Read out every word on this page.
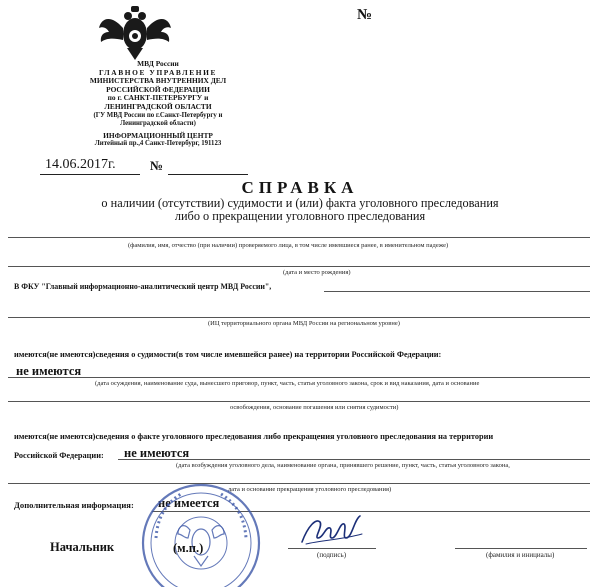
МВД России
ГЛАВНОЕ УПРАВЛЕНИЕ
МИНИСТЕРСТВА ВНУТРЕННИХ ДЕЛ
РОССИЙСКОЙ ФЕДЕРАЦИИ
по г. САНКТ-ПЕТЕРБУРГУ и
ЛЕНИНГРАДСКОЙ ОБЛАСТИ
(ГУ МВД России по г.Санкт-Петербургу и
Ленинградской области)
ИНФОРМАЦИОННЫЙ ЦЕНТР
Литейный пр.,4 Санкт-Петербург, 191123
№
14.06.2017г.	№
СПРАВКА
о наличии (отсутствии) судимости и (или) факта уголовного преследования
либо о прекращении уголовного преследования
(фамилия, имя, отчество (при наличии) проверяемого лица, в том числе имевшиеся ранее, в именительном падеже)
(дата и место рождения)
В ФКУ "Главный информационно-аналитический центр МВД России",
(ИЦ территориального органа МВД России на региональном уровне)
имеются(не имеются)сведения о судимости(в том числе имевшейся ранее) на территории Российской Федерации:
не имеются
(дата осуждения, наименование суда, вынесшего приговор, пункт, часть, статья уголовного закона, срок и вид наказания, дата и основание
освобождения, основание погашения или снятия судимости)
имеются(не имеются)сведения о факте уголовного преследования либо прекращения уголовного преследования на территории
Российской Федерации: не имеются
(дата возбуждения уголовного дела, наименование органа, принявшего решение, пункт, часть, статья уголовного закона,
дата и основание прекращения уголовного преследования)
Дополнительная информация: не имеется
Начальник	(м.п.)	(подпись)	(фамилия и инициалы)
